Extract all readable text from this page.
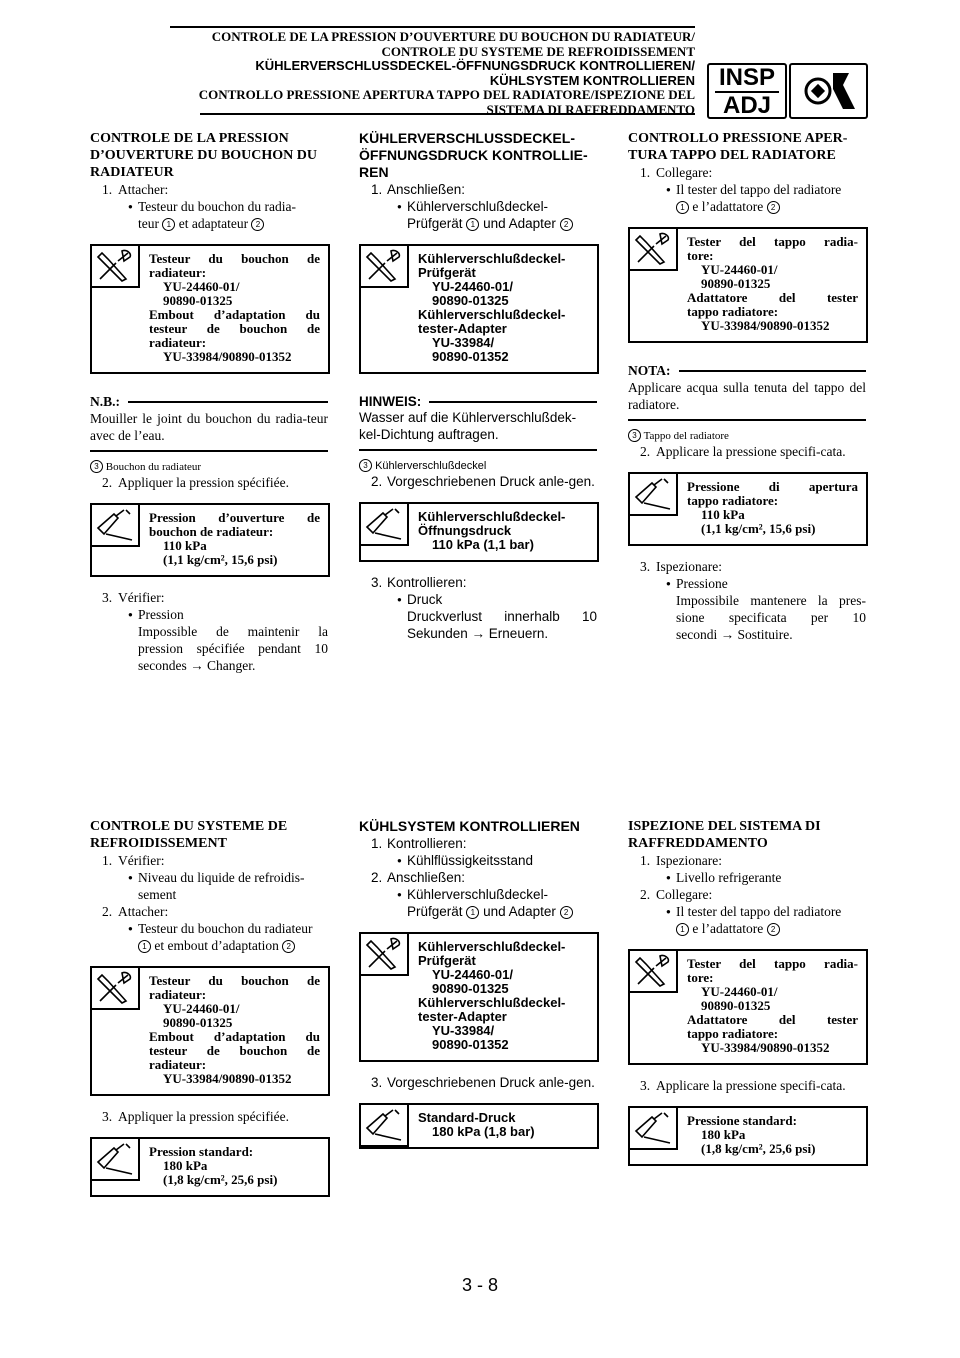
CONTROLE DE LA PRESSION D’OUVERTURE DU BOUCHON DU RADIATEUR/
CONTROLE DU SYSTEME DE REFROIDISSEMENT
KÜHLERVERSCHLUSSDECKEL-ÖFFNUNGSDRUCK KONTROLLIEREN/
KÜHLSYSTEM KONTROLLIEREN
CONTROLLO PRESSIONE APERTURA TAPPO DEL RADIATORE/ISPEZIONE DEL
SISTEMA DI RAFFREDDAMENTO
INSP
ADJ
CONTROLE DE LA PRESSION
D’OUVERTURE DU BOUCHON DU
RADIATEUR
1. Attacher:
● Testeur du bouchon du radia-
teur 1 et adaptateur 2
Testeur du bouchon de
radiateur:
YU-24460-01/
90890-01325
Embout d’adaptation du
testeur de bouchon de
radiateur:
YU-33984/90890-01352
N.B.:
Mouiller le joint du bouchon du radia-teur avec de l’eau.
3 Bouchon du radiateur
2. Appliquer la pression spécifiée.
Pression d’ouverture de
bouchon de radiateur:
110 kPa
(1,1 kg/cm², 15,6 psi)
3. Vérifier:
● Pression
Impossible de maintenir la
pression spécifiée pendant 10
secondes → Changer.
KÜHLERVERSCHLUSSDECKEL-
ÖFFNUNGSDRUCK KONTROLLIE-
REN
1. Anschließen:
● Kühlerverschlußdeckel-
Prüfgerät 1 und Adapter 2
Kühlerverschlußdeckel-
Prüfgerät
YU-24460-01/
90890-01325
Kühlerverschlußdeckel-
tester-Adapter
YU-33984/
90890-01352
HINWEIS:
Wasser auf die Kühlerverschlußdek-kel-Dichtung auftragen.
3 Kühlerverschlußdeckel
2. Vorgeschriebenen Druck anle-gen.
Kühlerverschlußdeckel-
Öffnungsdruck
110 kPa (1,1 bar)
3. Kontrollieren:
● Druck
Druckverlust innerhalb 10
Sekunden → Erneuern.
CONTROLLO PRESSIONE APER-
TURA TAPPO DEL RADIATORE
1. Collegare:
● Il tester del tappo del radiatore
1 e l’adattatore 2
Tester del tappo radia-
tore:
YU-24460-01/
90890-01325
Adattatore del tester
tappo radiatore:
YU-33984/90890-01352
NOTA:
Applicare acqua sulla tenuta del tappo del radiatore.
3 Tappo del radiatore
2. Applicare la pressione specifi-cata.
Pressione di apertura
tappo radiatore:
110 kPa
(1,1 kg/cm², 15,6 psi)
3. Ispezionare:
● Pressione
Impossibile mantenere la pres-
sione specificata per 10
secondi → Sostituire.
CONTROLE DU SYSTEME DE
REFROIDISSEMENT
1. Vérifier:
● Niveau du liquide de refroidis-
sement
2. Attacher:
● Testeur du bouchon du radiateur
1 et embout d’adaptation 2
Testeur du bouchon de
radiateur:
YU-24460-01/
90890-01325
Embout d’adaptation du
testeur de bouchon de
radiateur:
YU-33984/90890-01352
3. Appliquer la pression spécifiée.
Pression standard:
180 kPa
(1,8 kg/cm², 25,6 psi)
KÜHLSYSTEM KONTROLLIEREN
1. Kontrollieren:
● Kühlflüssigkeitsstand
2. Anschließen:
● Kühlerverschlußdeckel-
Prüfgerät 1 und Adapter 2
Kühlerverschlußdeckel-
Prüfgerät
YU-24460-01/
90890-01325
Kühlerverschlußdeckel-
tester-Adapter
YU-33984/
90890-01352
3. Vorgeschriebenen Druck anle-gen.
Standard-Druck
180 kPa (1,8 bar)
ISPEZIONE DEL SISTEMA DI
RAFFREDDAMENTO
1. Ispezionare:
● Livello refrigerante
2. Collegare:
● Il tester del tappo del radiatore
1 e l’adattatore 2
Tester del tappo radia-
tore:
YU-24460-01/
90890-01325
Adattatore del tester
tappo radiatore:
YU-33984/90890-01352
3. Applicare la pressione specifi-cata.
Pressione standard:
180 kPa
(1,8 kg/cm², 25,6 psi)
3 - 8
